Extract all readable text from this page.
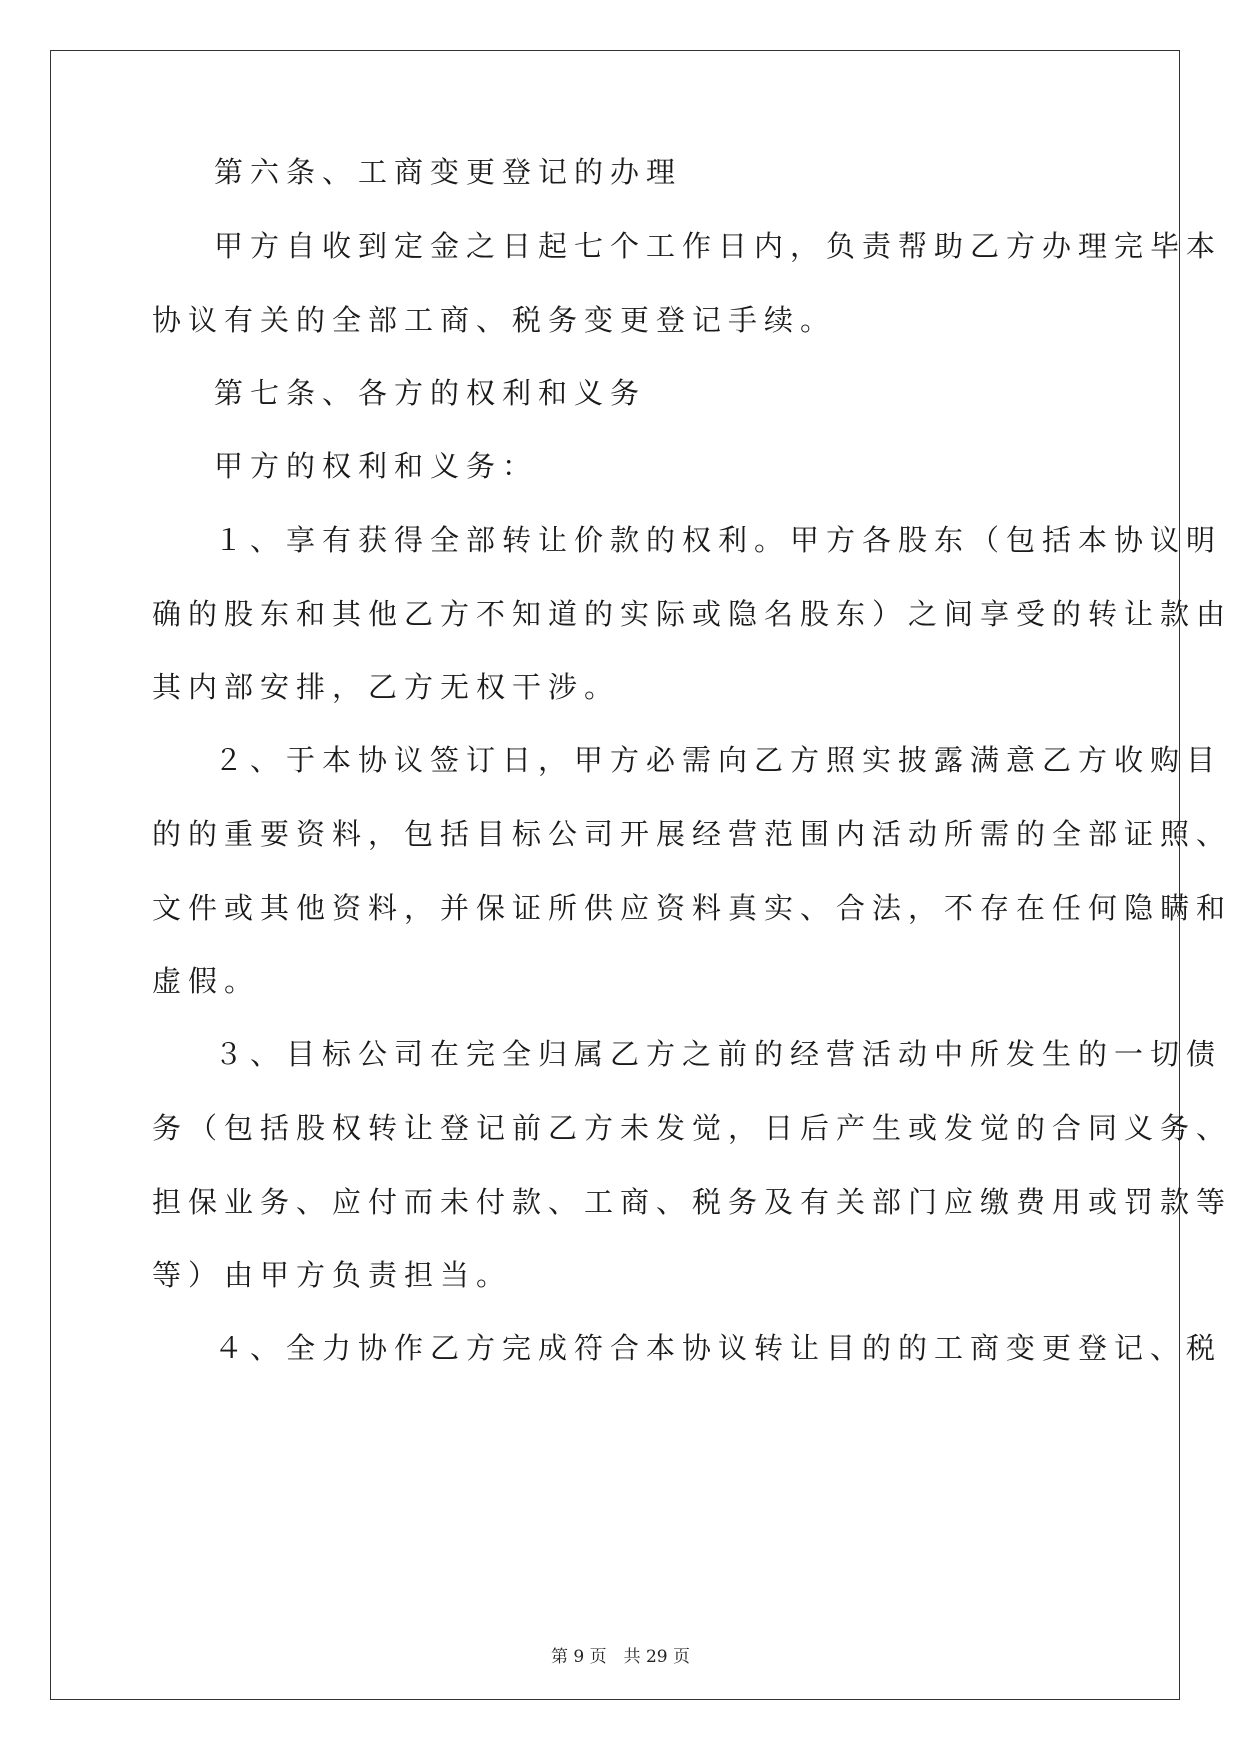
第六条、工商变更登记的办理
甲方自收到定金之日起七个工作日内，负责帮助乙方办理完毕本
协议有关的全部工商、税务变更登记手续。
第七条、各方的权利和义务
甲方的权利和义务：
１、享有获得全部转让价款的权利。甲方各股东（包括本协议明
确的股东和其他乙方不知道的实际或隐名股东）之间享受的转让款由
其内部安排，乙方无权干涉。
２、于本协议签订日，甲方必需向乙方照实披露满意乙方收购目
的的重要资料，包括目标公司开展经营范围内活动所需的全部证照、
文件或其他资料，并保证所供应资料真实、合法，不存在任何隐瞒和
虚假。
３、目标公司在完全归属乙方之前的经营活动中所发生的一切债
务（包括股权转让登记前乙方未发觉，日后产生或发觉的合同义务、
担保业务、应付而未付款、工商、税务及有关部门应缴费用或罚款等
等）由甲方负责担当。
４、全力协作乙方完成符合本协议转让目的的工商变更登记、税
第 9 页　共 29 页
